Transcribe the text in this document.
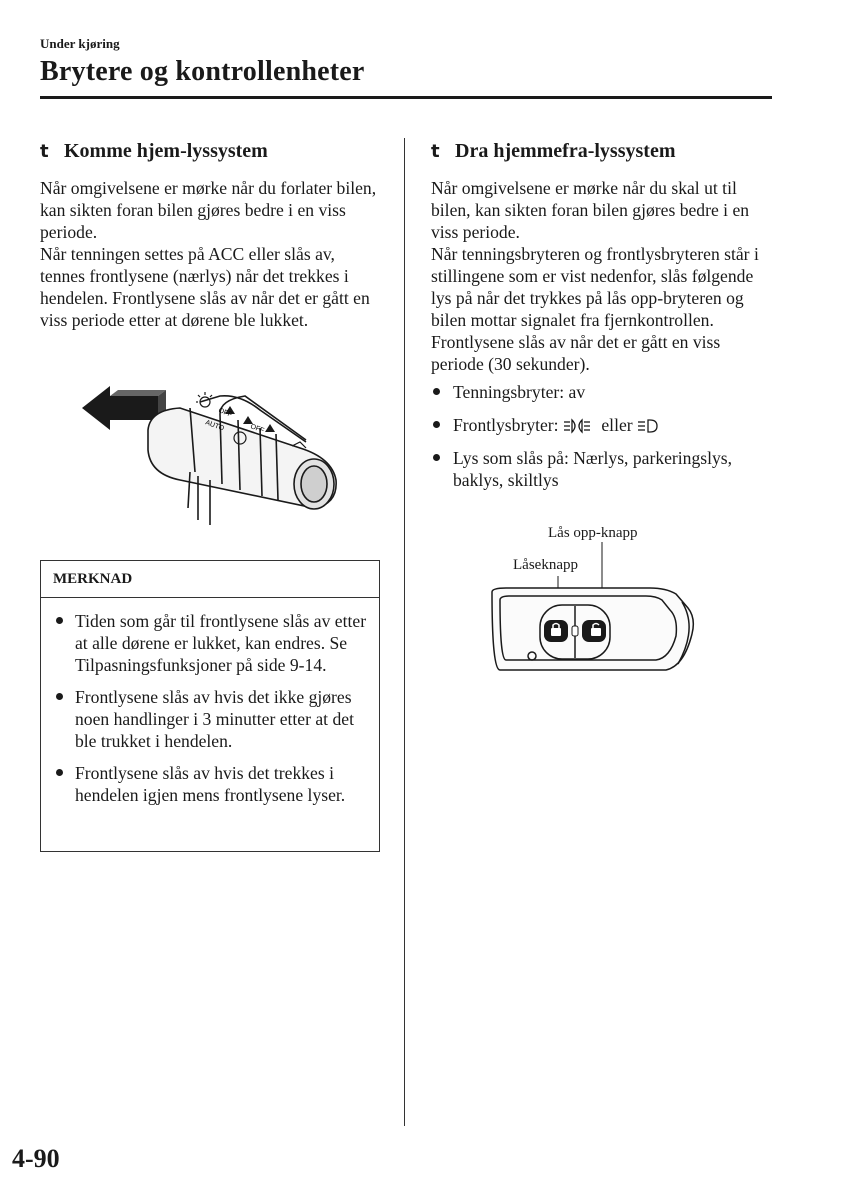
Under kjøring
Brytere og kontrollenheter
t Komme hjem-lyssystem

Når omgivelsene er mørke når du forlater bilen, kan sikten foran bilen gjøres bedre i en viss periode.

Når tenningen settes på ACC eller slås av, tennes frontlysene (nærlys) når det trekkes i hendelen. Frontlysene slås av når det er gått en viss periode etter at dørene ble lukket.

OFF
AUTO	OFF
MERKNAD
Tiden som går til frontlysene slås av etter at alle dørene er lukket, kan endres. Se Tilpasningsfunksjoner på side 9-14.
Frontlysene slås av hvis det ikke gjøres noen handlinger i 3 minutter etter at det ble trukket i hendelen.
Frontlysene slås av hvis det trekkes i hendelen igjen mens frontlysene lyser.
t Dra hjemmefra-lyssystem

Når omgivelsene er mørke når du skal ut til bilen, kan sikten foran bilen gjøres bedre i en viss periode.

Når tenningsbryteren og frontlysbryteren står i stillingene som er vist nedenfor, slås følgende lys på når det trykkes på lås opp-bryteren og bilen mottar signalet fra fjernkontrollen. Frontlysene slås av når det er gått en viss periode (30 sekunder).

Tenningsbryter: av
Frontlysbryter: eller
Lys som slås på: Nærlys, parkeringslys, baklys, skiltlys
Lås opp-knapp
Låseknapp
4-90
